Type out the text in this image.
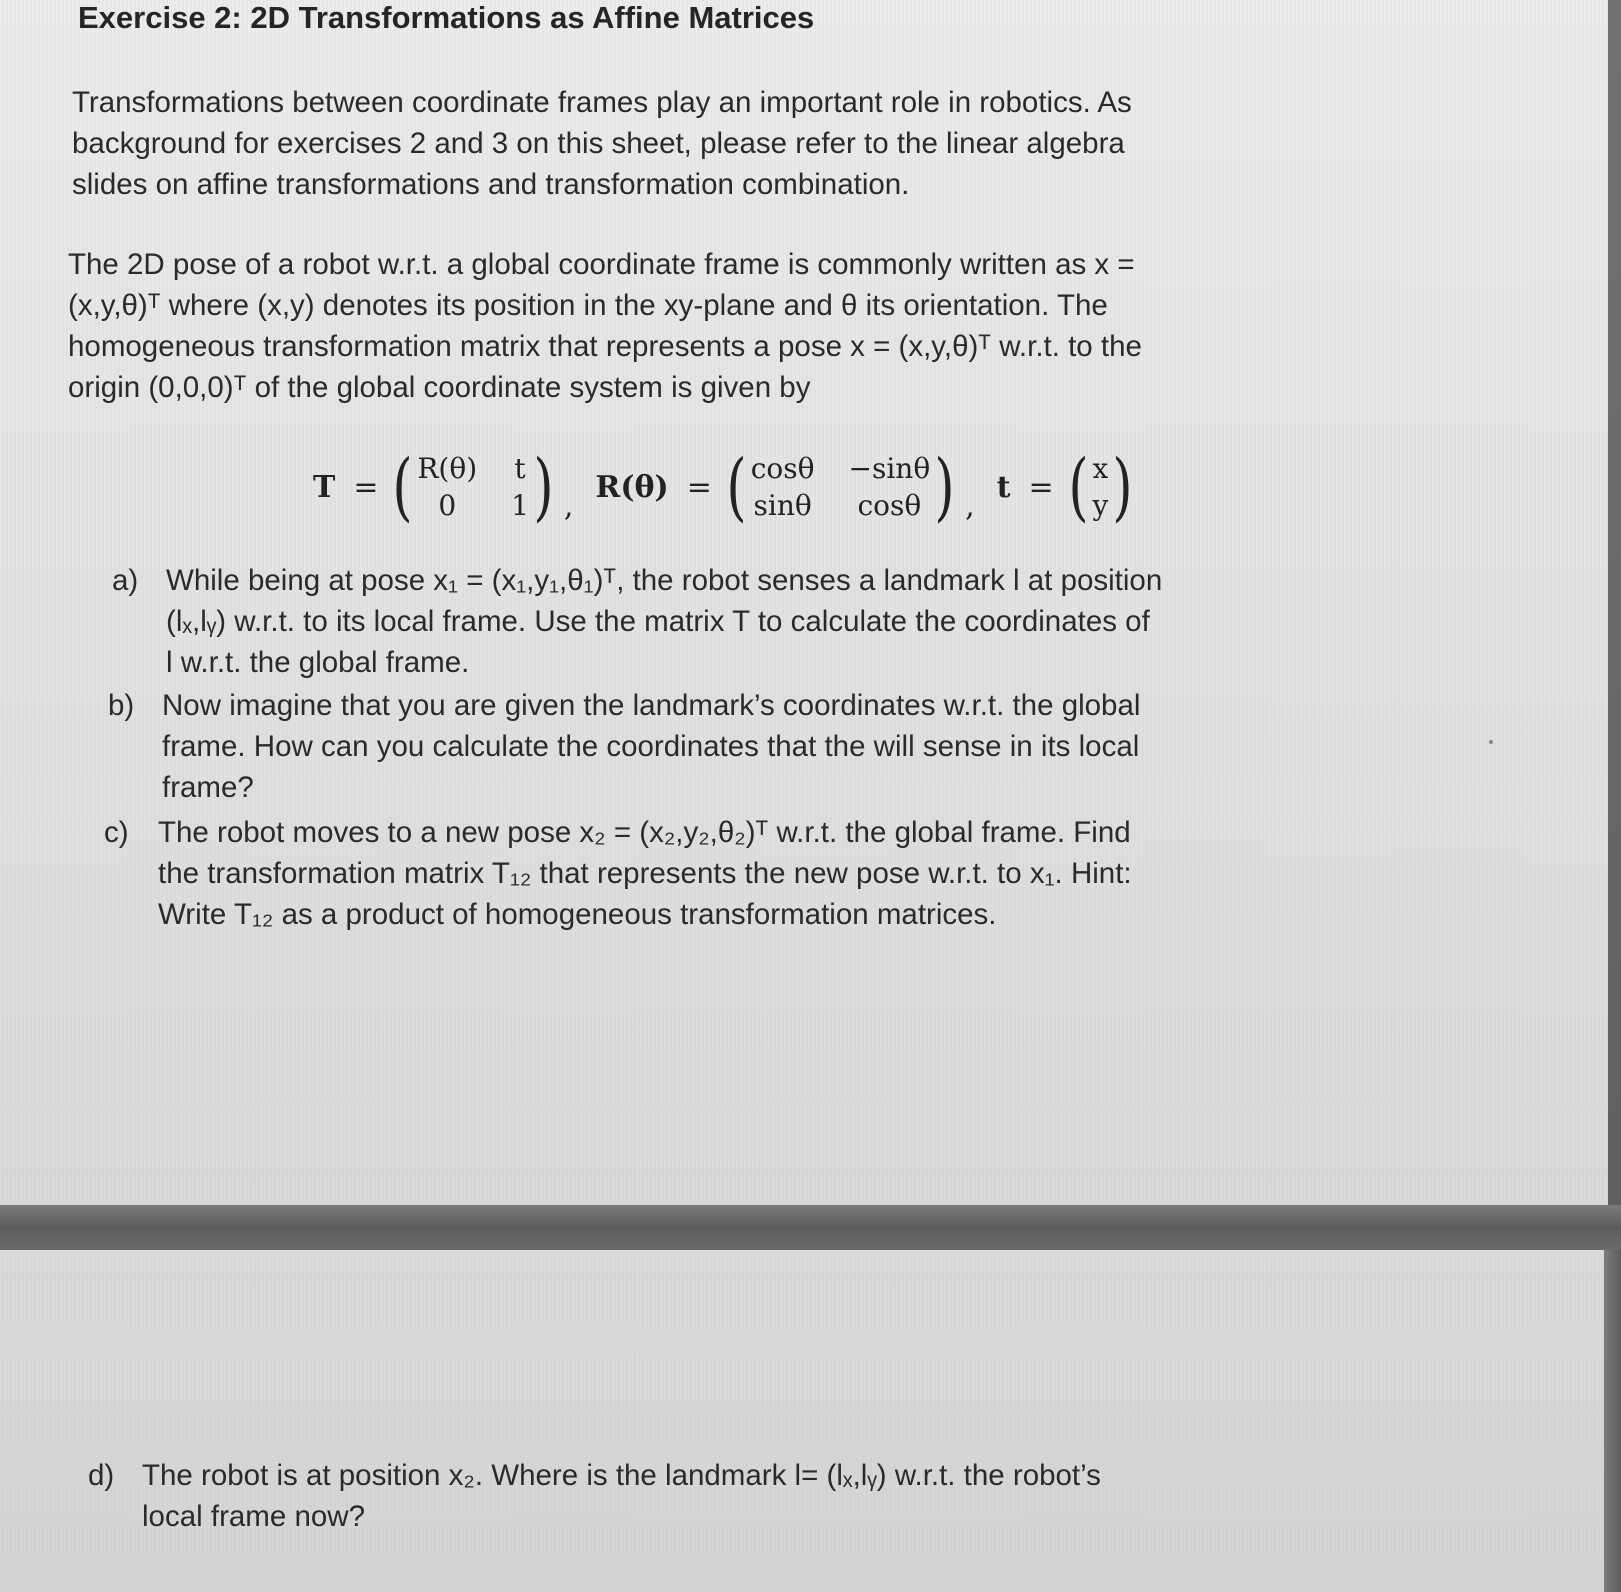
Exercise 2: 2D Transformations as Affine Matrices

Transformations between coordinate frames play an important role in robotics. As
background for exercises 2 and 3 on this sheet, please refer to the linear algebra
slides on affine transformations and transformation combination.

The 2D pose of a robot w.r.t. a global coordinate frame is commonly written as x =
(x,y,θ)ᵀ where (x,y) denotes its position in the xy-plane and θ its orientation. The
homogeneous transformation matrix that represents a pose x = (x,y,θ)ᵀ w.r.t. to the
origin (0,0,0)ᵀ of the global coordinate system is given by

T = ( R(θ) t
0	1 ) ,
R(θ) = ( cosθ −sinθ
sinθ	cosθ ) ,
t = ( x
y )
a) While being at pose x₁ = (x₁,y₁,θ₁)ᵀ, the robot senses a landmark l at position
(lₓ,lᵧ) w.r.t. to its local frame. Use the matrix T to calculate the coordinates of
l w.r.t. the global frame.
b) Now imagine that you are given the landmark’s coordinates w.r.t. the global
frame. How can you calculate the coordinates that the will sense in its local
frame?
c) The robot moves to a new pose x₂ = (x₂,y₂,θ₂)ᵀ w.r.t. the global frame. Find
the transformation matrix T₁₂ that represents the new pose w.r.t. to x₁. Hint:
Write T₁₂ as a product of homogeneous transformation matrices.
d) The robot is at position x₂. Where is the landmark l= (lₓ,lᵧ) w.r.t. the robot’s
local frame now?
